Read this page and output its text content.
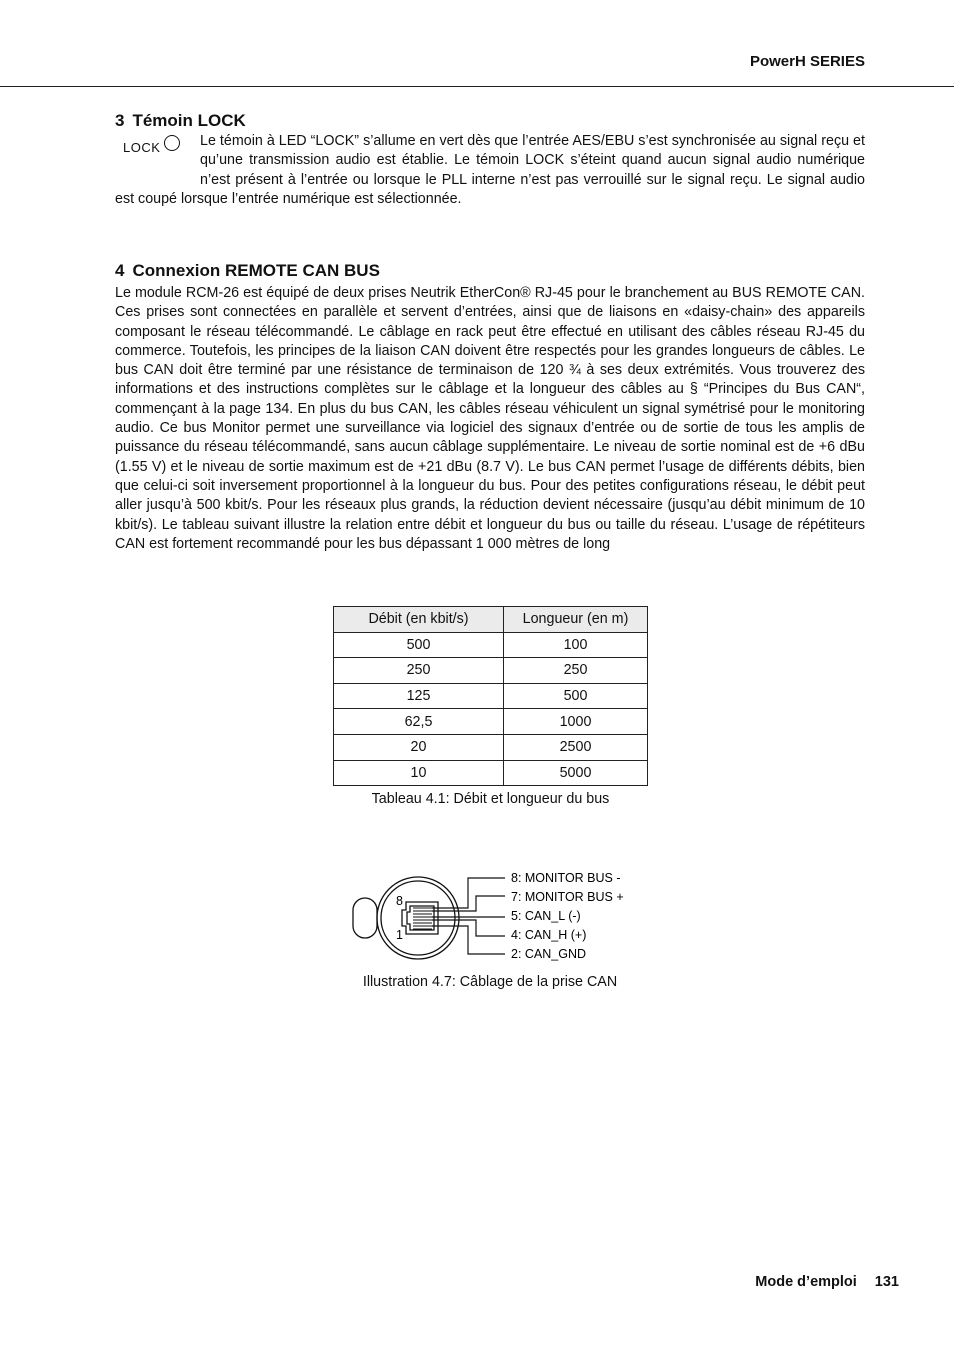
PowerH SERIES
3 Témoin LOCK
LOCK	Le témoin à LED “LOCK” s’allume en vert dès que l’entrée AES/EBU s’est synchronisée au signal reçu et qu’une transmission audio est établie. Le témoin LOCK s’éteint quand aucun signal audio numérique n’est présent à l’entrée ou lorsque le PLL interne n’est pas verrouillé sur le signal reçu. Le signal audio est coupé lorsque l’entrée numérique est sélectionnée.

4 Connexion REMOTE CAN BUS

Le module RCM-26 est équipé de deux prises Neutrik EtherCon® RJ-45 pour le branchement au BUS REMOTE CAN. Ces prises sont connectées en parallèle et servent d’entrées, ainsi que de liaisons en «daisy-chain» des appareils composant le réseau télécommandé. Le câblage en rack peut être effectué en utilisant des câbles réseau RJ-45 du commerce. Toutefois, les principes de la liaison CAN doivent être respectés pour les grandes longueurs de câbles. Le bus CAN doit être terminé par une résistance de terminaison de 120 ¾ à ses deux extrémités. Vous trouverez des informations et des instructions complètes sur le câblage et la longueur des câbles au § “Principes du Bus CAN“, commençant à la page 134. En plus du bus CAN, les câbles réseau véhiculent un signal symétrisé pour le monitoring audio. Ce bus Monitor permet une surveillance via logiciel des signaux d’entrée ou de sortie de tous les amplis de puissance du réseau télécommandé, sans aucun câblage supplémentaire. Le niveau de sortie nominal est de +6 dBu (1.55 V) et le niveau de sortie maximum est de +21 dBu (8.7 V). Le bus CAN permet l’usage de différents débits, bien que celui-ci soit inversement proportionnel à la longueur du bus. Pour des petites configurations réseau, le débit peut aller jusqu’à 500 kbit/s. Pour les réseaux plus grands, la réduction devient nécessaire (jusqu’au débit minimum de 10 kbit/s). Le tableau suivant illustre la relation entre débit et longueur du bus ou taille du réseau. L’usage de répétiteurs CAN est fortement recommandé pour les bus dépassant 1 000 mètres de long

Débit (en kbit/s)	Longueur (en m)
500	100
250	250
125	500
62,5	1000
20	2500
10	5000
Tableau 4.1: Débit et longueur du bus
8
1
8: MONITOR BUS -
7: MONITOR BUS +
5: CAN_L (-)
4: CAN_H (+)
2: CAN_GND
Illustration 4.7: Câblage de la prise CAN
Mode d’emploi 131
